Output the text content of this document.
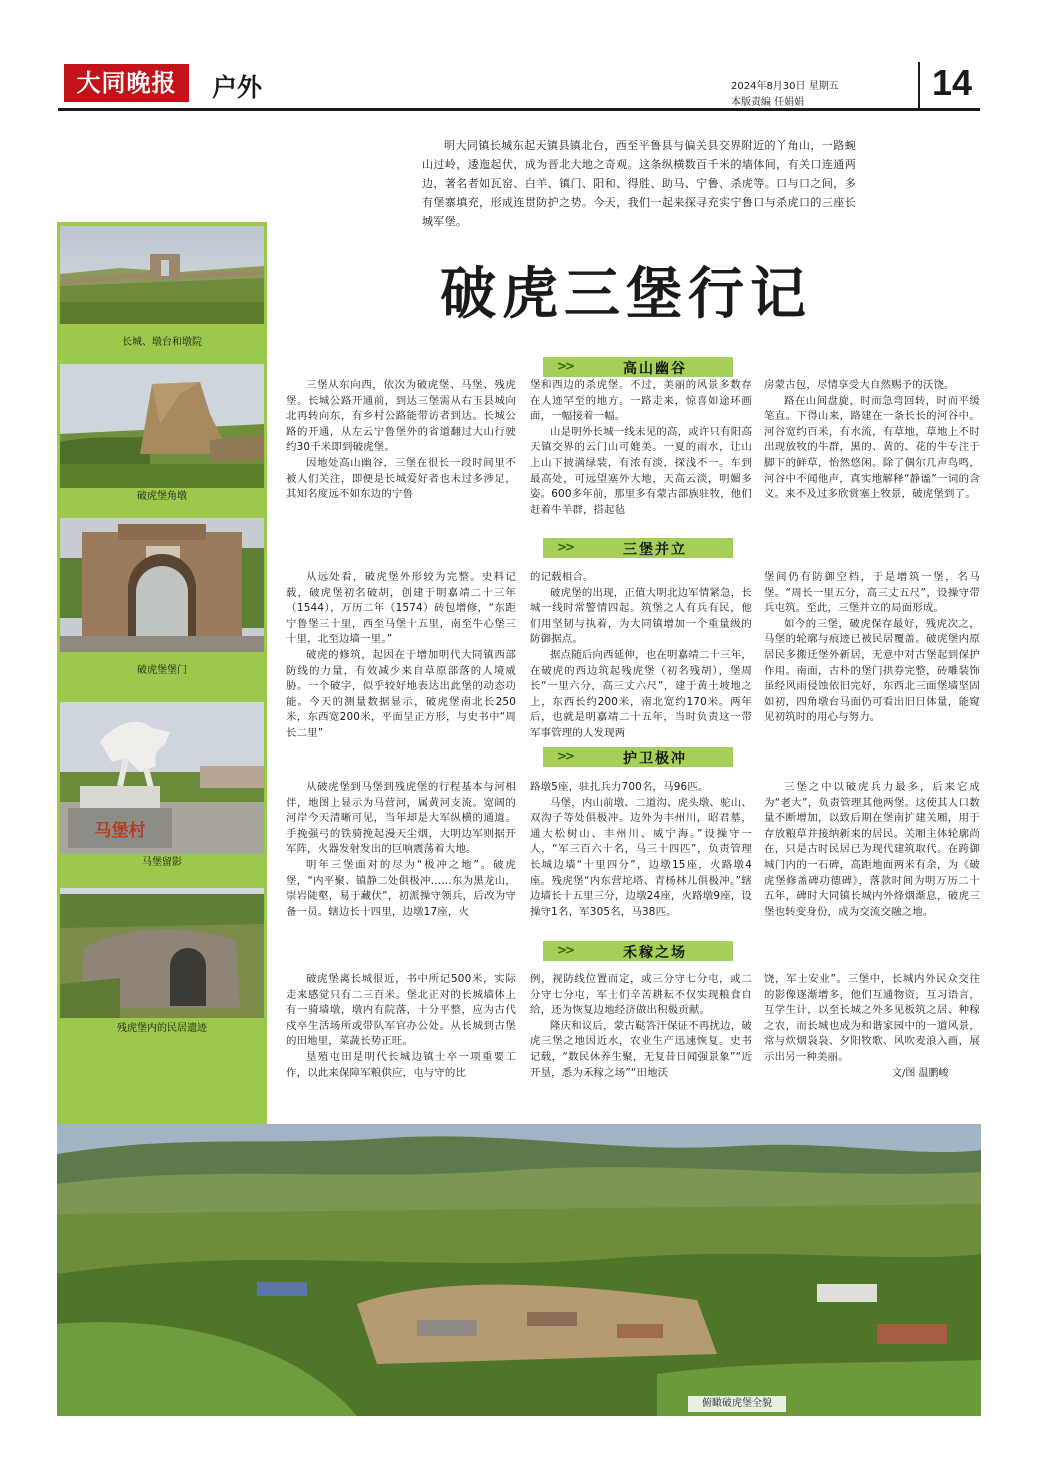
大同晚报	户外	2024年8月30日 星期五
本版责编 任娟娟	14
明大同镇长城东起天镇县镇北台，西至平鲁县与偏关县交界附近的丫角山，一路蜿山过岭，逶迤起伏，成为晋北大地之奇观。这条纵横数百千米的墙体间，有关口连通两边，著名者如瓦窑、白羊、镇门、阳和、得胜、助马、宁鲁、杀虎等。口与口之间，多有堡寨填充，形成连贯防护之势。今天，我们一起来探寻充实宁鲁口与杀虎口的三座长城军堡。
破虎三堡行记
长城、墩台和墩院
破虎堡角墩
破虎堡堡门
马堡村
马堡留影
残虎堡内的民居遗迹
>>	高山幽谷

三堡从东向西，依次为破虎堡、马堡、残虎堡。长城公路开通前，到达三堡需从右玉县城向北再转向东，有乡村公路能带访者到达。长城公路的开通，从左云宁鲁堡外的省道翻过大山行驶约30千米即到破虎堡。

因地处高山幽谷，三堡在很长一段时间里不被人们关注，即便是长城爱好者也未过多涉足，其知名度远不如东边的宁鲁

堡和西边的杀虎堡。不过，美丽的风景多数存在人迹罕至的地方。一路走来，惊喜如途环画面，一幅接着一幅。

山是明外长城一线未见的高，或许只有阳高天镇交界的云门山可媲美。一夏的雨水，让山上山下披满绿装，有浓有淡，探浅不一。车到最高处，可远望塞外大地，天高云淡，明媚多姿。600多年前，那里多有蒙古部族驻牧，他们赶着牛羊群，搭起毡

房蒙古包，尽情享受大自然赐予的沃饶。

路在山间盘旋，时而急弯回转，时而平缓笔直。下得山来，路建在一条长长的河谷中。河谷宽约百米，有水流，有草地，草地上不时出现放牧的牛群，黑的、黄的、花的牛专注于脚下的鲜草，怡然悠闲。除了偶尔几声鸟鸣，河谷中不闻他声，真实地解释“静谧”一词的含义。来不及过多欣赏塞上牧景，破虎堡到了。

>>	三堡并立

从远处看，破虎堡外形较为完整。史料记载，破虎堡初名破胡，创建于明嘉靖二十三年（1544），万历二年（1574）砖包增修，“东距宁鲁堡三十里，西至马堡十五里，南至牛心堡三十里，北至边墙一里。”

破虎的修筑，起因在于增加明代大同镇西部防线的力量，有效减少来自草原部落的人境威胁。一个破字，似乎较好地表达出此堡的动态功能。今天的测量数据显示，破虎堡南北长250米，东西宽200米，平面呈正方形，与史书中“周长二里”

的记载相合。

破虎堡的出现，正值大明北边军情紧急，长城一线时常警情四起。筑堡之人有兵有民，他们用坚韧与执着，为大同镇增加一个重量级的防御据点。

据点随后向西延伸，也在明嘉靖二十三年，在破虎的西边筑起残虎堡（初名残胡），堡周长“一里六分，高三丈六尺”，建于黄土坡地之上，东西长约200米，南北宽约170米。两年后，也就是明嘉靖二十五年，当时负责这一带军事管理的人发现两

堡间仍有防御空档，于是增筑一堡，名马堡。“周长一里五分，高三丈五尺”，设操守带兵屯筑。至此，三堡并立的局面形成。

如今的三堡，破虎保存最好，残虎次之，马堡的轮廓与痕迹已被民居覆盖。破虎堡内原居民多搬迁堡外新居，无意中对古堡起到保护作用。南面，古朴的堡门拱券完整，砖雕装饰虽经风雨侵蚀依旧完好，东西北三面堡墙坚固如初，四角墩台马面仍可看出旧日体量，能窥见初筑时的用心与努力。

>>	护卫极冲

从破虎堡到马堡到残虎堡的行程基本与河相伴，地图上显示为马营河，属黄河支流。宽阔的河岸今天清晰可见，当年却是大军纵横的通道。手挽强弓的铁骑挽起漫天尘烟，大明边军则据开军阵，火器发射发出的巨响震荡着大地。

明年三堡面对的尽为“极冲之地”。破虎堡，“内平聚、镇静二处俱极冲……东为黑龙山，崇岩陡壑，易于藏伏”，初派操守领兵，后改为守备一员。辖边长十四里，边墩17座，火

路墩5座，驻扎兵力700名，马96匹。

马堡，内山前墩、二道沟、虎头墩、驼山、双沟子等处俱极冲。边外为丰州川，昭君墓，通大松树山、丰州川、威宁海。”设操守一人，“军三百六十名，马三十四匹”，负责管理长城边墙“十里四分”，边墩15座，火路墩4座。残虎堡“内东营坨塔、青杨林儿俱极冲。”辖边墙长十五里三分，边墩24座，火路墩9座，设操守1名，军305名，马38匹。

三堡之中以破虎兵力最多，后来它成为“老大”，负责管理其他两堡。这使其人口数量不断增加，以致后期在堡南扩建关厢，用于存放粮草并接纳新来的居民。关厢主体轮廓尚在，只是古时民居已为现代建筑取代。在跨御城门内的一石碑，高距地面两米有余，为《破虎堡修盖碑功德碑》，落款时间为明万历二十五年，碑时大同镇长城内外烽烟渐息，破虎三堡也转变身份，成为交流交融之地。

>>	禾稼之场

破虎堡离长城很近，书中所记500米，实际走来感觉只有二三百米。堡北正对的长城墙体上有一骑墙墩，墩内有院落，十分平整，应为古代戍卒生活场所或带队军官办公处。从长城到古堡的田地里，菜蔬长势正旺。

垦殖屯田是明代长城边镇士卒一项重要工作，以此来保障军粮供应，屯与守的比

例，视防线位置而定，或三分守七分屯，或二分守七分屯，军士们辛苦耕耘不仅实现粮食自给，还为恢复边地经济做出积极贡献。

隆庆和议后，蒙古鞑答汗保证不再扰边，破虎三堡之地因近水，农业生产迅速恢复。史书记载，“数民休养生聚，无复昔日闻强景象”“近开垦，悉为禾稼之场”“田地沃

饶，军士安业”。三堡中，长城内外民众交往的影像逐渐增多，他们互通物资，互习语言，互学生计，以至长城之外多见板筑之居、种稼之农，而长城也成为和谐家园中的一道风景，常与炊烟袅袅、夕阳牧歌、风吹麦浪入画，展示出另一种美丽。

文/图 温鹏峻
俯瞰破虎堡全貌
